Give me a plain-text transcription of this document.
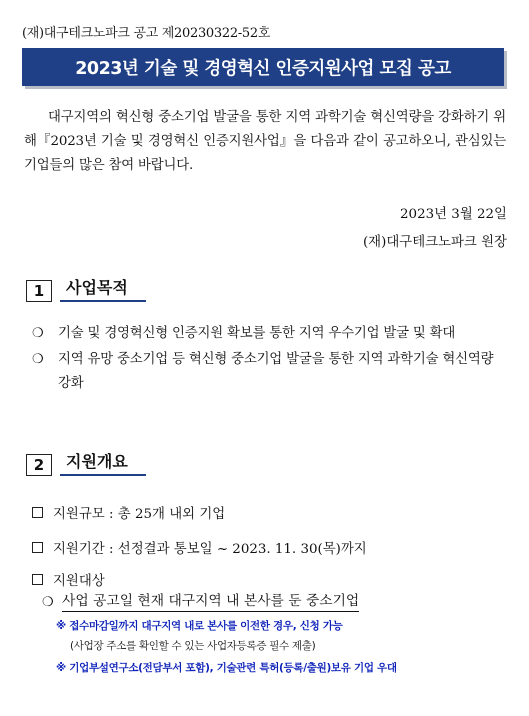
(재)대구테크노파크 공고 제20230322-52호
2023년 기술 및 경영혁신 인증지원사업 모집 공고
대구지역의 혁신형 중소기업 발굴을 통한 지역 과학기술 혁신역량을 강화하기 위해『2023년 기술 및 경영혁신 인증지원사업』을 다음과 같이 공고하오니, 관심있는 기업들의 많은 참여 바랍니다.
2023년 3월 22일
(재)대구테크노파크 원장
1	사업목적
❍	기술 및 경영혁신형 인증지원 확보를 통한 지역 우수기업 발굴 및 확대
❍	지역 유망 중소기업 등 혁신형 중소기업 발굴을 통한 지역 과학기술 혁신역량 강화
2	지원개요
지원규모 : 총 25개 내외 기업
지원기간 : 선정결과 통보일 ~ 2023. 11. 30(목)까지
지원대상
❍ 사업 공고일 현재 대구지역 내 본사를 둔 중소기업
※ 접수마감일까지 대구지역 내로 본사를 이전한 경우, 신청 가능
(사업장 주소를 확인할 수 있는 사업자등록증 필수 제출)
※ 기업부설연구소(전담부서 포함), 기술관련 특허(등록/출원)보유 기업 우대
